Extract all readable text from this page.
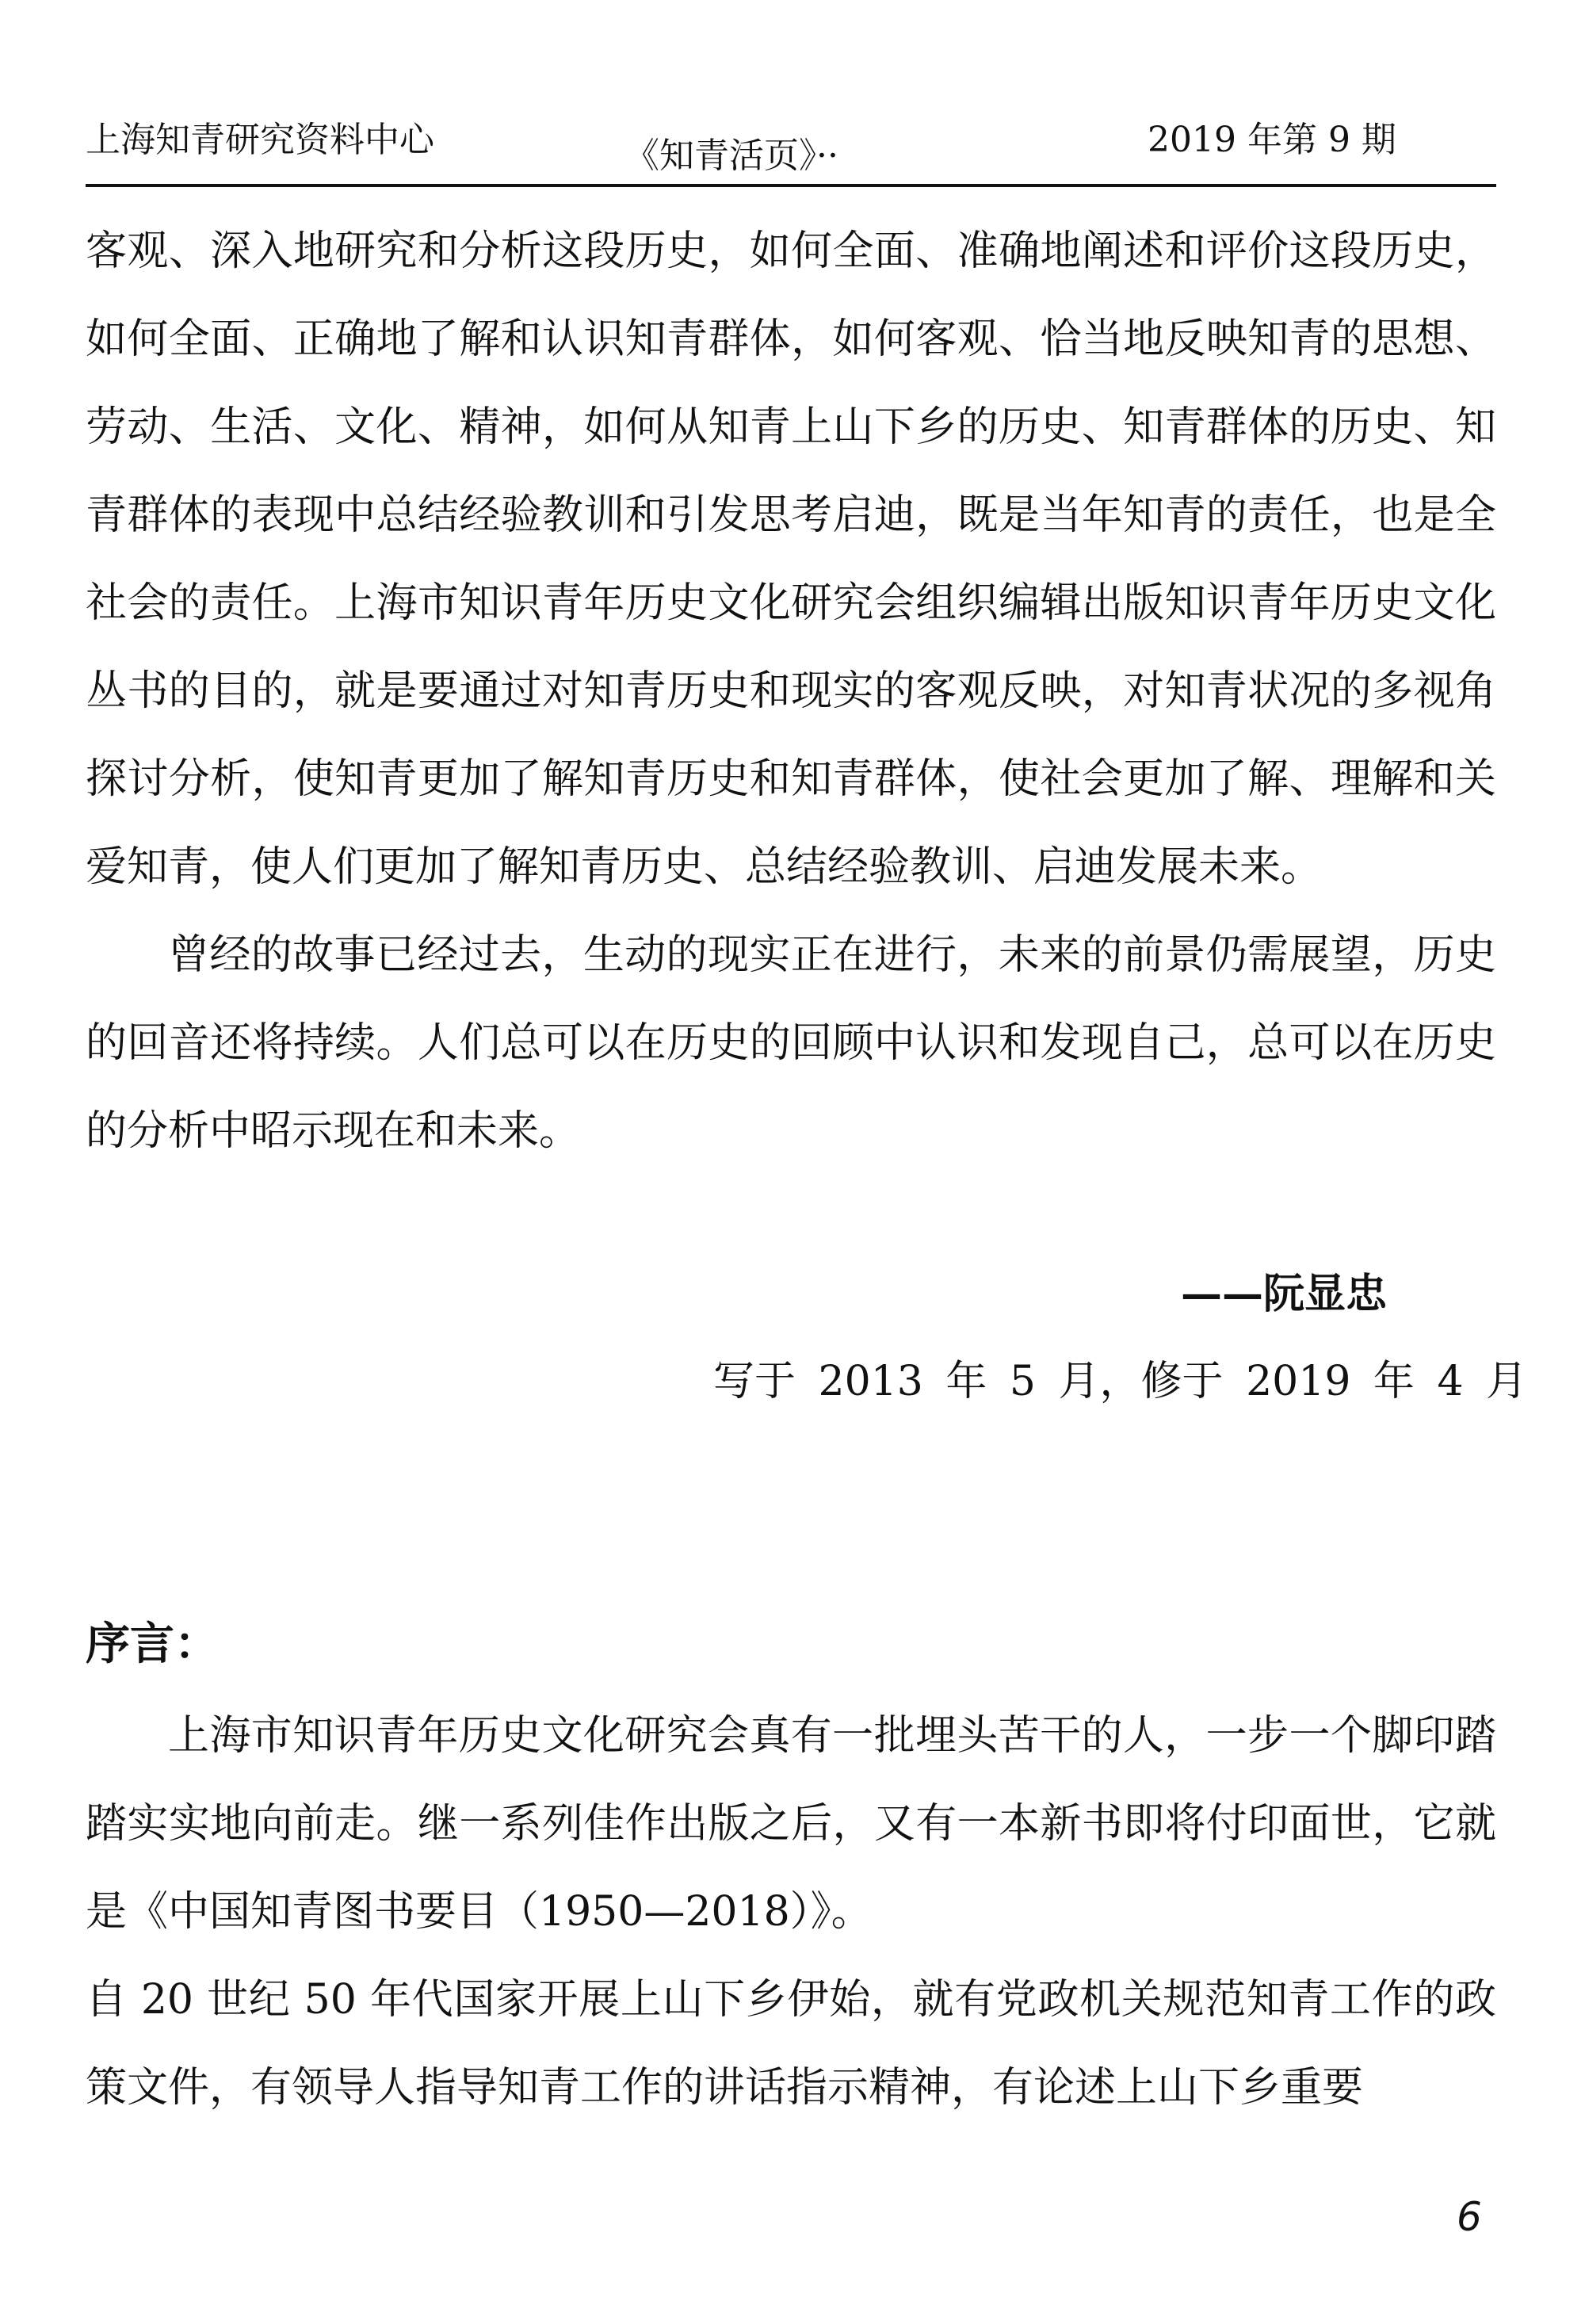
上海知青研究资料中心	《知青活页》··	2019 年第 9 期

客观、深入地研究和分析这段历史，如何全面、准确地阐述和评价这段历史，如何全面、正确地了解和认识知青群体，如何客观、恰当地反映知青的思想、劳动、生活、文化、精神，如何从知青上山下乡的历史、知青群体的历史、知青群体的表现中总结经验教训和引发思考启迪，既是当年知青的责任，也是全社会的责任。上海市知识青年历史文化研究会组织编辑出版知识青年历史文化丛书的目的，就是要通过对知青历史和现实的客观反映，对知青状况的多视角探讨分析，使知青更加了解知青历史和知青群体，使社会更加了解、理解和关爱知青，使人们更加了解知青历史、总结经验教训、启迪发展未来。

曾经的故事已经过去，生动的现实正在进行，未来的前景仍需展望，历史的回音还将持续。人们总可以在历史的回顾中认识和发现自己，总可以在历史的分析中昭示现在和未来。

——阮显忠
写于 2013 年 5 月，修于 2019 年 4 月
序言：

上海市知识青年历史文化研究会真有一批埋头苦干的人，一步一个脚印踏踏实实地向前走。继一系列佳作出版之后，又有一本新书即将付印面世，它就是《中国知青图书要目（1950—2018）》。

自 20 世纪 50 年代国家开展上山下乡伊始，就有党政机关规范知青工作的政策文件，有领导人指导知青工作的讲话指示精神，有论述上山下乡重要

6
